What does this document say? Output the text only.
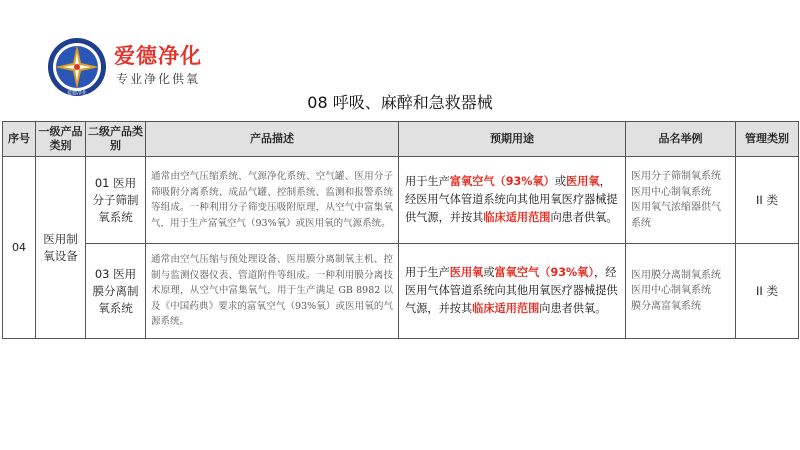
爱德净化
爱德净化
专业净化供氧
08 呼吸、麻醉和急救器械
序号	一级产品类别	二级产品类别	产品描述	预期用途	品名举例	管理类别
04	医用制氧设备	01 医用分子筛制氧系统	通常由空气压缩系统、气源净化系统、空气罐、医用分子筛吸附分离系统、成品气罐、控制系统、监测和报警系统等组成。一种利用分子筛变压吸附原理，从空气中富集氧气，用于生产富氧空气（93%氧）或医用氧的气源系统。	用于生产富氧空气（93%氧）或医用氧，经医用气体管道系统向其他用氧医疗器械提供气源，并按其临床适用范围向患者供氧。	医用分子筛制氧系统
医用中心制氧系统
医用氧气浓缩器供气系统	II 类
		03 医用膜分离制氧系统	通常由空气压缩与预处理设备、医用膜分离制氧主机、控制与监测仪器仪表、管道附件等组成。一种利用膜分离技术原理，从空气中富集氧气，用于生产满足 GB 8982 以及《中国药典》要求的富氧空气（93%氧）或医用氧的气源系统。	用于生产医用氧或富氧空气（93%氧），经医用气体管道系统向其他用氧医疗器械提供气源，并按其临床适用范围向患者供氧。	医用膜分离制氧系统
医用中心制氧系统
膜分离富氧系统	II 类
